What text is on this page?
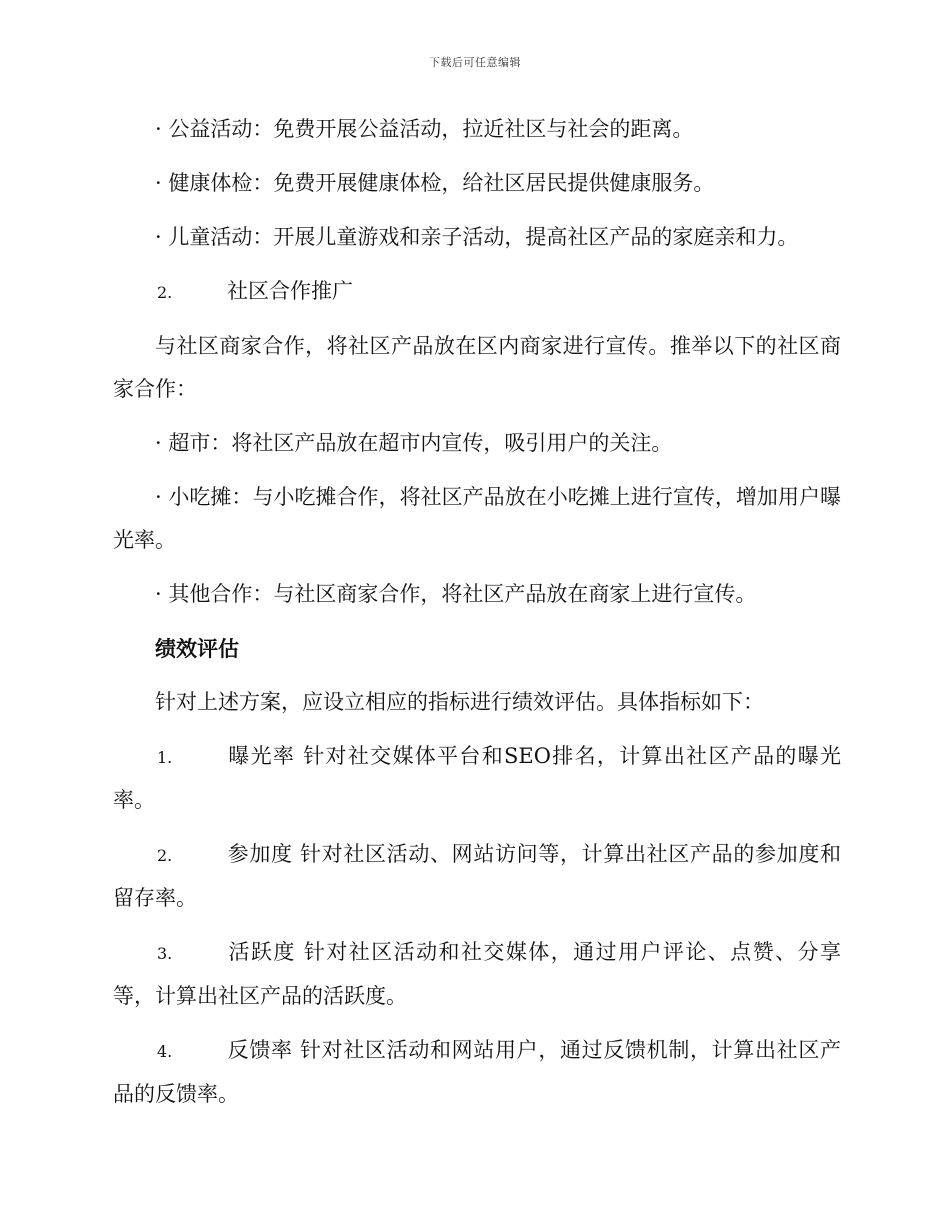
下载后可任意编辑
· 公益活动：免费开展公益活动，拉近社区与社会的距离。
· 健康体检：免费开展健康体检，给社区居民提供健康服务。
· 儿童活动：开展儿童游戏和亲子活动，提高社区产品的家庭亲和力。
2.	社区合作推广

与社区商家合作，将社区产品放在区内商家进行宣传。推举以下的社区商家合作：

· 超市：将社区产品放在超市内宣传，吸引用户的关注。

· 小吃摊：与小吃摊合作，将社区产品放在小吃摊上进行宣传，增加用户曝光率。

· 其他合作：与社区商家合作，将社区产品放在商家上进行宣传。
绩效评估
针对上述方案，应设立相应的指标进行绩效评估。具体指标如下：

1.	曝光率 针对社交媒体平台和SEO排名，计算出社区产品的曝光率。

2.	参加度 针对社区活动、网站访问等，计算出社区产品的参加度和留存率。

3.	活跃度 针对社区活动和社交媒体，通过用户评论、点赞、分享等，计算出社区产品的活跃度。

4.	反馈率 针对社区活动和网站用户，通过反馈机制，计算出社区产品的反馈率。
